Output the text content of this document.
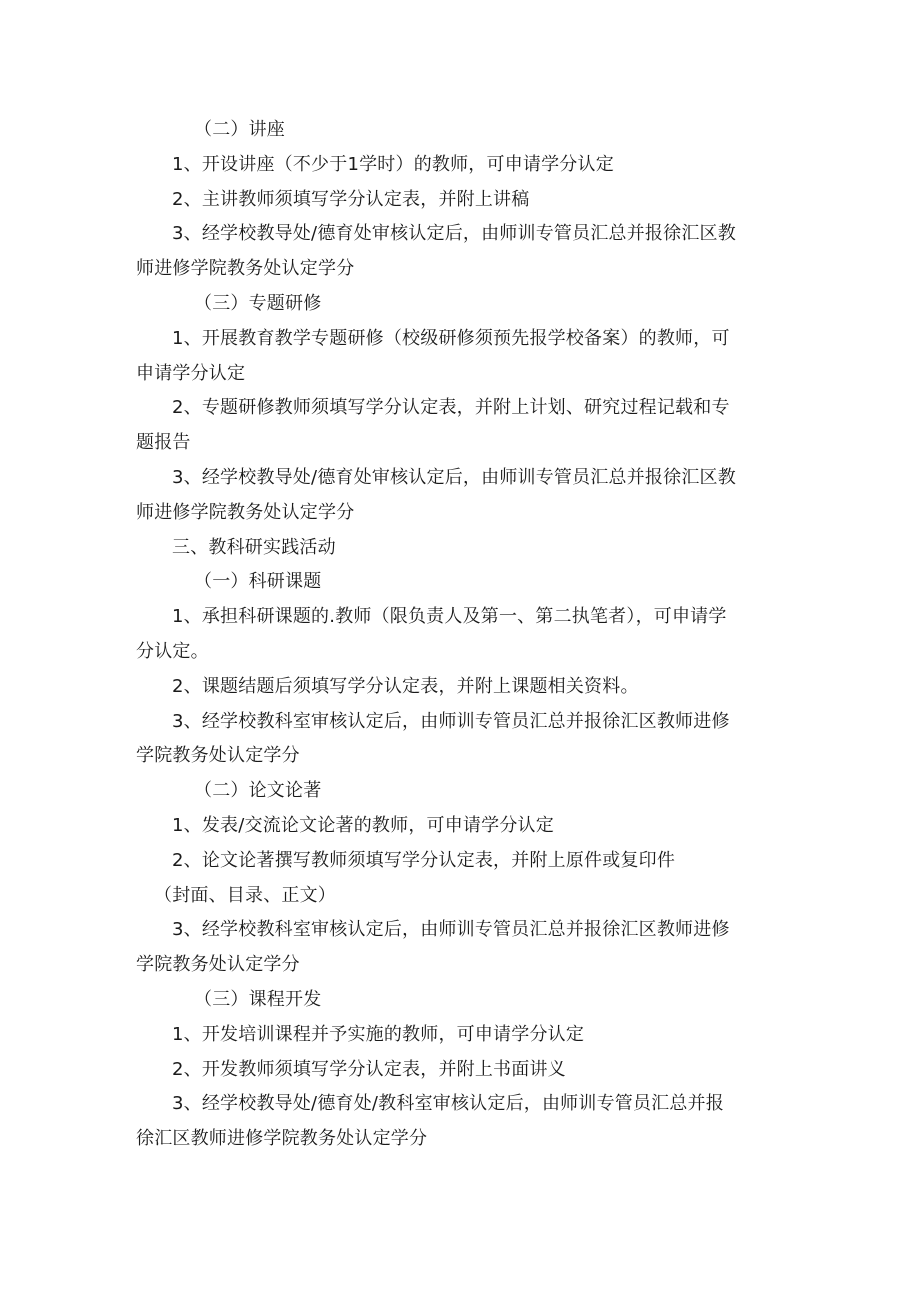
（二）讲座
1、开设讲座（不少于1学时）的教师，可申请学分认定
2、主讲教师须填写学分认定表，并附上讲稿
3、经学校教导处/德育处审核认定后，由师训专管员汇总并报徐汇区教
师进修学院教务处认定学分
（三）专题研修
1、开展教育教学专题研修（校级研修须预先报学校备案）的教师，可
申请学分认定
2、专题研修教师须填写学分认定表，并附上计划、研究过程记载和专
题报告
3、经学校教导处/德育处审核认定后，由师训专管员汇总并报徐汇区教
师进修学院教务处认定学分
三、教科研实践活动
（一）科研课题
1、承担科研课题的.教师（限负责人及第一、第二执笔者），可申请学
分认定。
2、课题结题后须填写学分认定表，并附上课题相关资料。
3、经学校教科室审核认定后，由师训专管员汇总并报徐汇区教师进修
学院教务处认定学分
（二）论文论著
1、发表/交流论文论著的教师，可申请学分认定
2、论文论著撰写教师须填写学分认定表，并附上原件或复印件
（封面、目录、正文）
3、经学校教科室审核认定后，由师训专管员汇总并报徐汇区教师进修
学院教务处认定学分
（三）课程开发
1、开发培训课程并予实施的教师，可申请学分认定
2、开发教师须填写学分认定表，并附上书面讲义
3、经学校教导处/德育处/教科室审核认定后，由师训专管员汇总并报
徐汇区教师进修学院教务处认定学分
